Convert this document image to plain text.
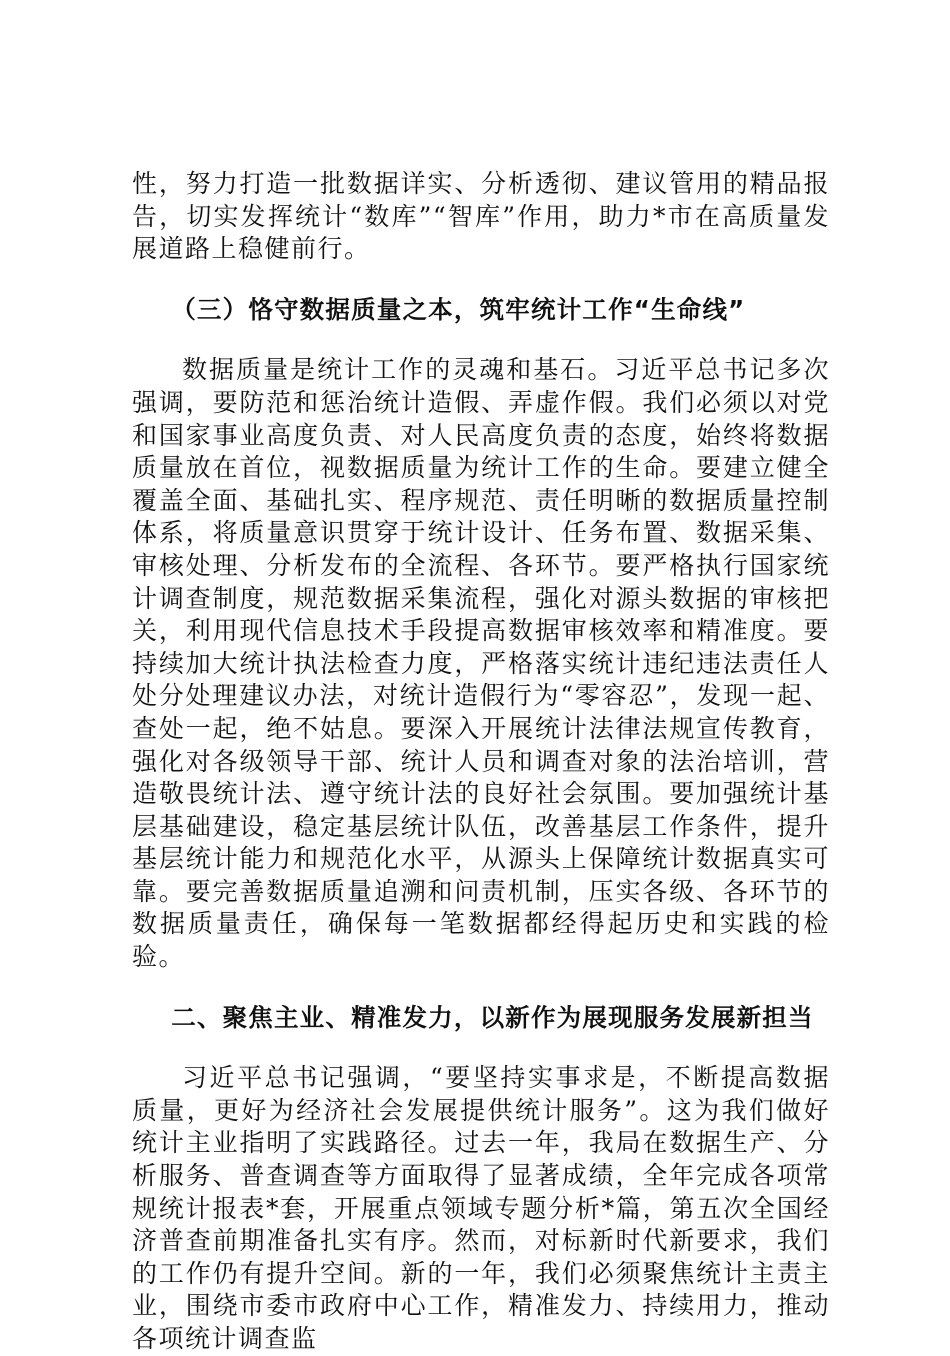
性，努力打造一批数据详实、分析透彻、建议管用的精品报告，切实发挥统计“数库”“智库”作用，助力*市在高质量发展道路上稳健前行。

（三）恪守数据质量之本，筑牢统计工作“生命线”

数据质量是统计工作的灵魂和基石。习近平总书记多次强调，要防范和惩治统计造假、弄虚作假。我们必须以对党和国家事业高度负责、对人民高度负责的态度，始终将数据质量放在首位，视数据质量为统计工作的生命。要建立健全覆盖全面、基础扎实、程序规范、责任明晰的数据质量控制体系，将质量意识贯穿于统计设计、任务布置、数据采集、审核处理、分析发布的全流程、各环节。要严格执行国家统计调查制度，规范数据采集流程，强化对源头数据的审核把关，利用现代信息技术手段提高数据审核效率和精准度。要持续加大统计执法检查力度，严格落实统计违纪违法责任人处分处理建议办法，对统计造假行为“零容忍”，发现一起、查处一起，绝不姑息。要深入开展统计法律法规宣传教育，强化对各级领导干部、统计人员和调查对象的法治培训，营造敬畏统计法、遵守统计法的良好社会氛围。要加强统计基层基础建设，稳定基层统计队伍，改善基层工作条件，提升基层统计能力和规范化水平，从源头上保障统计数据真实可靠。要完善数据质量追溯和问责机制，压实各级、各环节的数据质量责任，确保每一笔数据都经得起历史和实践的检验。

二、聚焦主业、精准发力，以新作为展现服务发展新担当

习近平总书记强调，“要坚持实事求是，不断提高数据质量，更好为经济社会发展提供统计服务”。这为我们做好统计主业指明了实践路径。过去一年，我局在数据生产、分析服务、普查调查等方面取得了显著成绩，全年完成各项常规统计报表*套，开展重点领域专题分析*篇，第五次全国经济普查前期准备扎实有序。然而，对标新时代新要求，我们的工作仍有提升空间。新的一年，我们必须聚焦统计主责主业，围绕市委市政府中心工作，精准发力、持续用力，推动各项统计调查监
